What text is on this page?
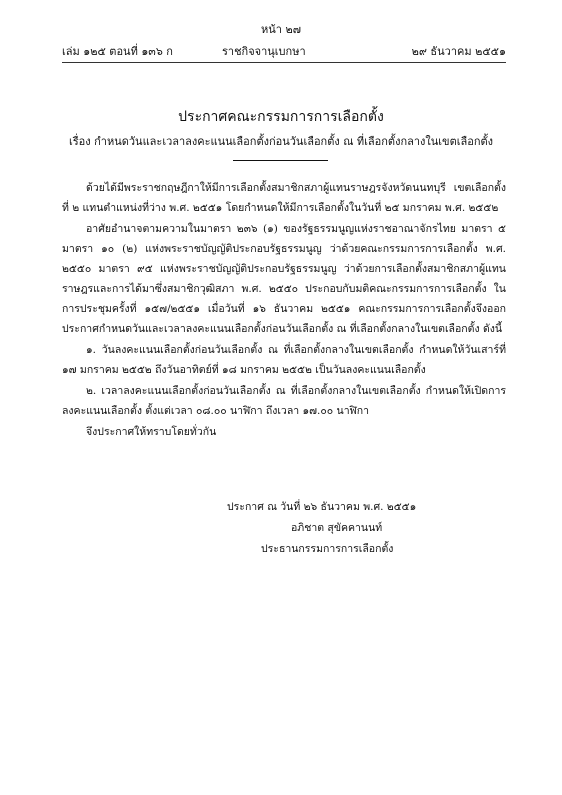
หน้า ๒๗
เล่ม ๑๒๕ ตอนที่ ๑๓๖ ก	ราชกิจจานุเบกษา	๒๙ ธันวาคม ๒๕๕๑
ประกาศคณะกรรมการการเลือกตั้ง
เรื่อง กำหนดวันและเวลาลงคะแนนเลือกตั้งก่อนวันเลือกตั้ง ณ ที่เลือกตั้งกลางในเขตเลือกตั้ง

ด้วยได้มีพระราชกฤษฎีกาให้มีการเลือกตั้งสมาชิกสภาผู้แทนราษฎรจังหวัดนนทบุรี เขตเลือกตั้งที่ ๒ แทนตำแหน่งที่ว่าง พ.ศ. ๒๕๕๑ โดยกำหนดให้มีการเลือกตั้งในวันที่ ๒๕ มกราคม พ.ศ. ๒๕๕๒

อาศัยอำนาจตามความในมาตรา ๒๓๖ (๑) ของรัฐธรรมนูญแห่งราชอาณาจักรไทย มาตรา ๕ มาตรา ๑๐ (๒) แห่งพระราชบัญญัติประกอบรัฐธรรมนูญ ว่าด้วยคณะกรรมการการเลือกตั้ง พ.ศ. ๒๕๕๐ มาตรา ๙๕ แห่งพระราชบัญญัติประกอบรัฐธรรมนูญ ว่าด้วยการเลือกตั้งสมาชิกสภาผู้แทนราษฎรและการได้มาซึ่งสมาชิกวุฒิสภา พ.ศ. ๒๕๕๐ ประกอบกับมติคณะกรรมการการเลือกตั้ง ในการประชุมครั้งที่ ๑๕๗/๒๕๕๑ เมื่อวันที่ ๑๖ ธันวาคม ๒๕๕๑ คณะกรรมการการเลือกตั้งจึงออกประกาศกำหนดวันและเวลาลงคะแนนเลือกตั้งก่อนวันเลือกตั้ง ณ ที่เลือกตั้งกลางในเขตเลือกตั้ง ดังนี้

๑. วันลงคะแนนเลือกตั้งก่อนวันเลือกตั้ง ณ ที่เลือกตั้งกลางในเขตเลือกตั้ง กำหนดให้วันเสาร์ที่ ๑๗ มกราคม ๒๕๕๒ ถึงวันอาทิตย์ที่ ๑๘ มกราคม ๒๕๕๒ เป็นวันลงคะแนนเลือกตั้ง

๒. เวลาลงคะแนนเลือกตั้งก่อนวันเลือกตั้ง ณ ที่เลือกตั้งกลางในเขตเลือกตั้ง กำหนดให้เปิดการลงคะแนนเลือกตั้ง ตั้งแต่เวลา ๐๘.๐๐ นาฬิกา ถึงเวลา ๑๗.๐๐ นาฬิกา

จึงประกาศให้ทราบโดยทั่วกัน

ประกาศ ณ วันที่ ๒๖ ธันวาคม พ.ศ. ๒๕๕๑
อภิชาต สุขัคคานนท์
ประธานกรรมการการเลือกตั้ง
